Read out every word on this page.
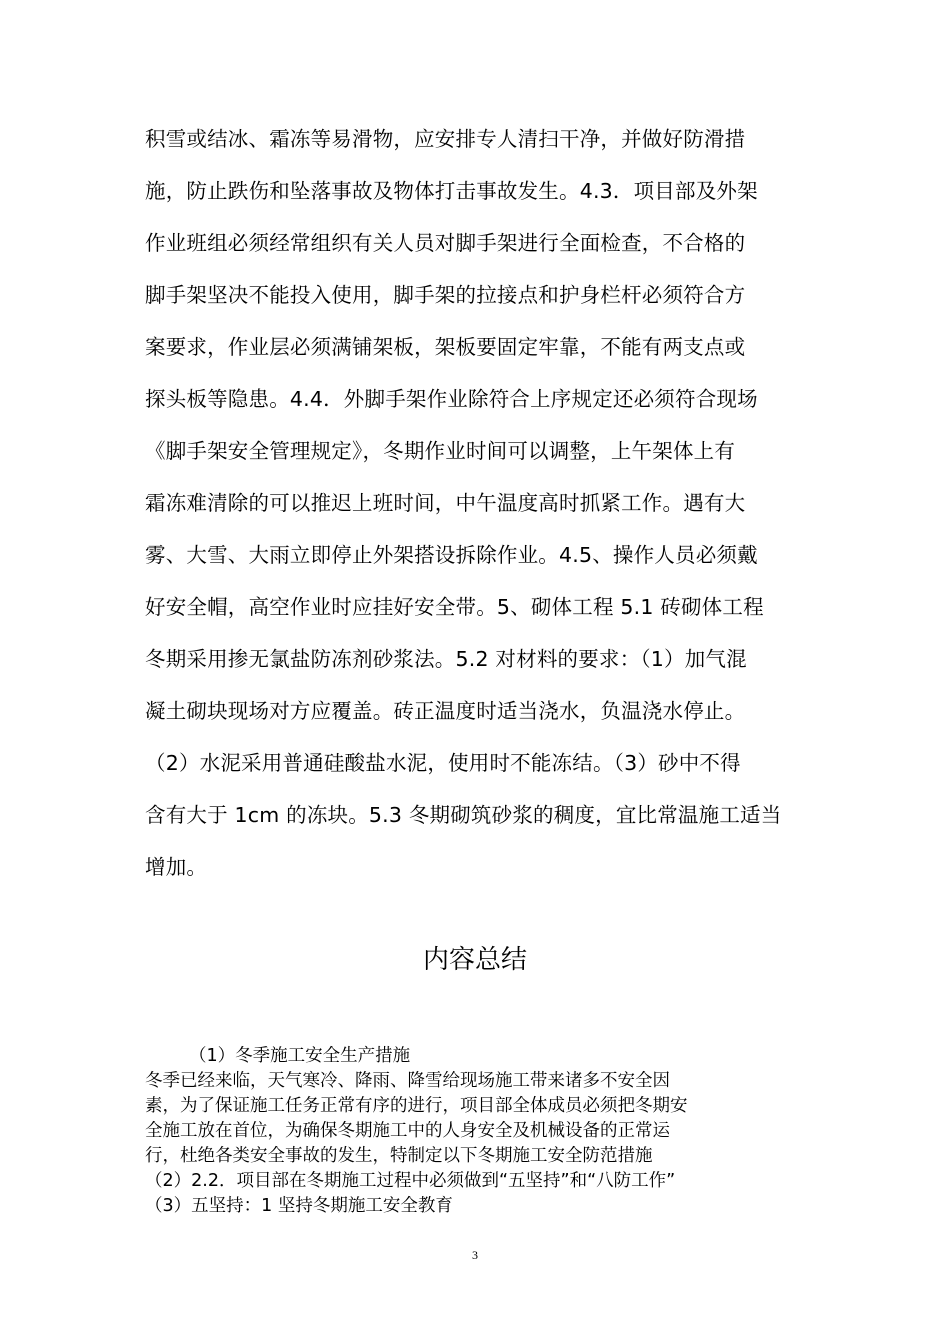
积雪或结冰、霜冻等易滑物，应安排专人清扫干净，并做好防滑措
施，防止跌伤和坠落事故及物体打击事故发生。4.3．项目部及外架
作业班组必须经常组织有关人员对脚手架进行全面检查，不合格的
脚手架坚决不能投入使用，脚手架的拉接点和护身栏杆必须符合方
案要求，作业层必须满铺架板，架板要固定牢靠，不能有两支点或
探头板等隐患。4.4．外脚手架作业除符合上序规定还必须符合现场
《脚手架安全管理规定》，冬期作业时间可以调整，上午架体上有
霜冻难清除的可以推迟上班时间，中午温度高时抓紧工作。遇有大
雾、大雪、大雨立即停止外架搭设拆除作业。4.5、操作人员必须戴
好安全帽，高空作业时应挂好安全带。5、砌体工程 5.1 砖砌体工程
冬期采用掺无氯盐防冻剂砂浆法。5.2 对材料的要求：（1）加气混
凝土砌块现场对方应覆盖。砖正温度时适当浇水，负温浇水停止。
（2）水泥采用普通硅酸盐水泥，使用时不能冻结。（3）砂中不得
含有大于 1cm 的冻块。5.3 冬期砌筑砂浆的稠度，宜比常温施工适当
增加。
内容总结
（1）冬季施工安全生产措施
冬季已经来临，天气寒冷、降雨、降雪给现场施工带来诸多不安全因
素，为了保证施工任务正常有序的进行，项目部全体成员必须把冬期安
全施工放在首位，为确保冬期施工中的人身安全及机械设备的正常运
行，杜绝各类安全事故的发生，特制定以下冬期施工安全防范措施
（2）2.2．项目部在冬期施工过程中必须做到“五坚持”和“八防工作”
（3）五坚持：1 坚持冬期施工安全教育
3
